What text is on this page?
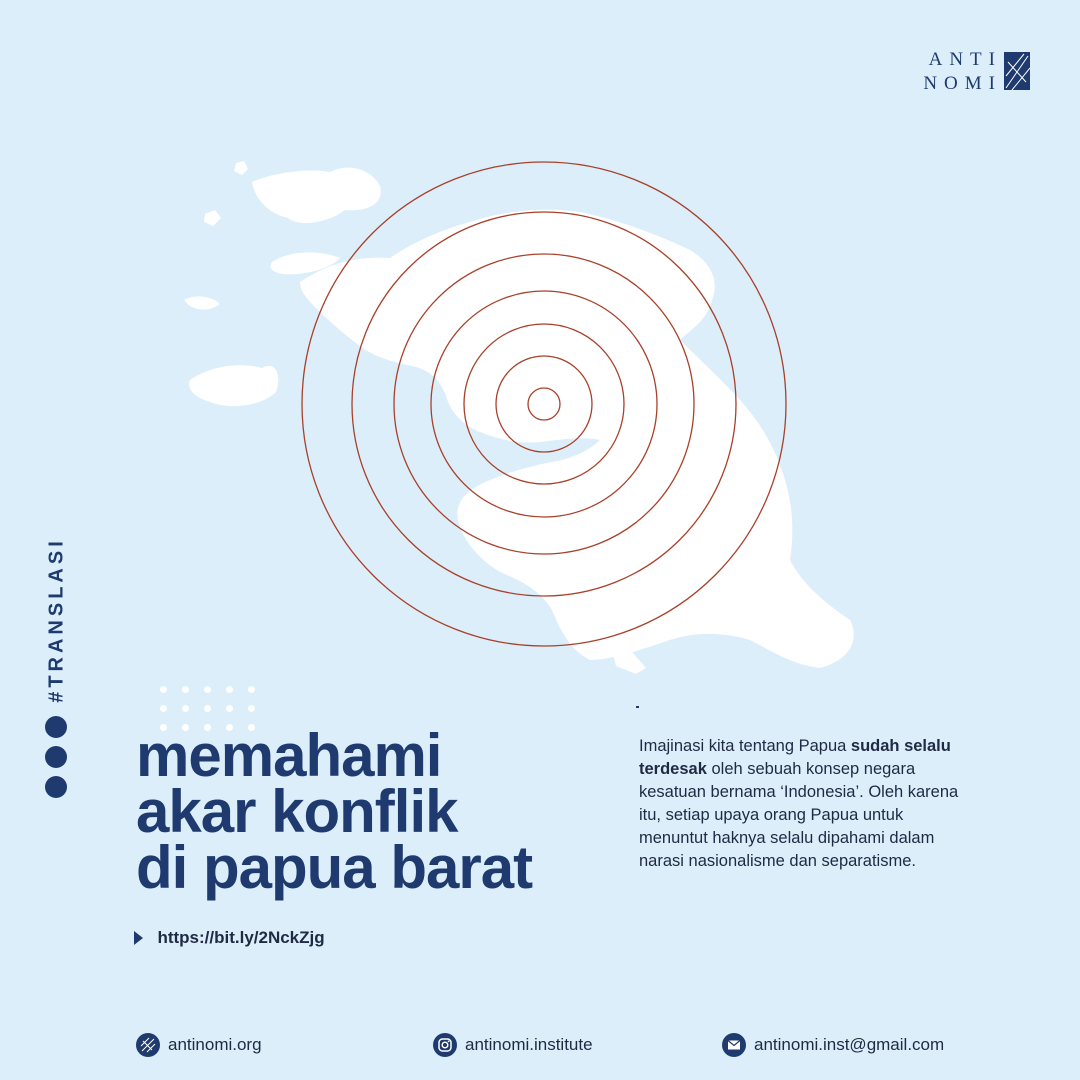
ANTI
NOMI
#TRANSLASI
memahami
akar konflik
di papua barat
https://bit.ly/2NckZjg
Imajinasi kita tentang Papua sudah selalu terdesak oleh sebuah konsep negara kesatuan bernama ‘Indonesia’. Oleh karena itu, setiap upaya orang Papua untuk menuntut haknya selalu dipahami dalam narasi nasionalisme dan separatisme.
antinomi.org	antinomi.institute	antinomi.inst@gmail.com
